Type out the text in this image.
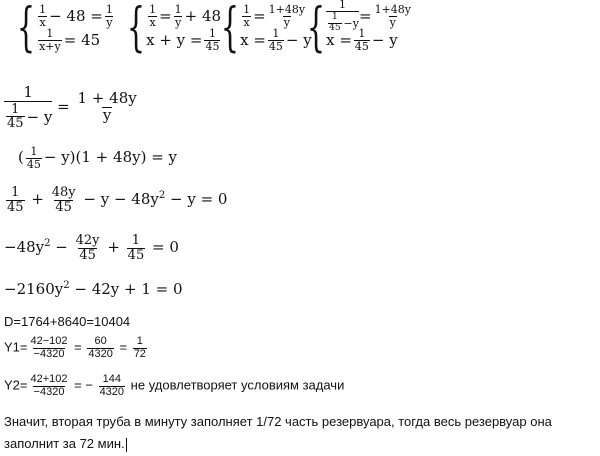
{ $\frac{1}{x} - 48 = \frac{1}{y}$
$\frac{1}{x+y} = 45$ { $\frac{1}{x} = \frac{1}{y} + 48$
$x + y = \frac{1}{45}$ { $\frac{1}{x} = \frac{1+48y}{y}$
$x = \frac{1}{45} - y$
{ $\frac{1}{\frac{1}{45} -y} = \frac{1+48y}{y}$
$x = \frac{1}{45} - y$
$\frac{1}{\frac{1}{45} - y} = \frac{1 + 48y}{y}$
( $\frac{1}{45} - y)(1 + 48y) = y$
$\frac{1}{45} + \frac{48y}{45} - y - 48y^2 - y = 0$
$-48y^2 - \frac{42y}{45} + \frac{1}{45} = 0$
$-2160y^2 - 42y + 1 = 0$
D=1764+8640=10404
$Y1= \frac{42-102}{-4320} = \frac{60}{4320} = \frac{1}{72}$
$Y2= \frac{42+102}{-4320}$ = − $\frac{144}{4320}$ не удовлетворяет условиям задачи
Значит, вторая труба в минуту заполняет 1/72 часть резервуара, тогда весь резервуар она заполнит за 72 мин.
